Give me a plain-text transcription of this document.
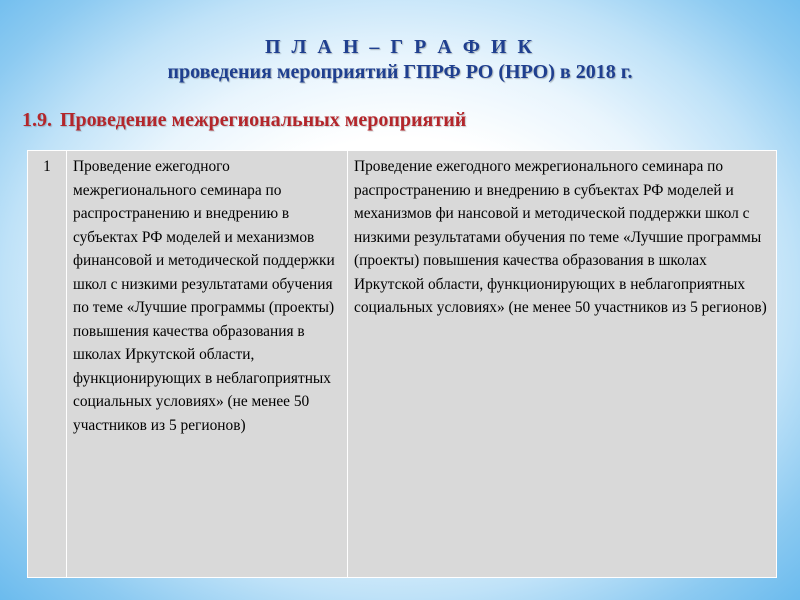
П Л А Н – Г Р А Ф И К
проведения мероприятий ГПРФ РО (НРО) в 2018 г.
1.9. Проведение межрегиональных мероприятий
1	Проведение ежегодного межрегионального семинара по распространению и внедрению в субъектах РФ моделей и механизмов финансовой и методической поддержки школ с низкими результатами обучения по теме «Лучшие программы (проекты) повышения качества образования в школах Иркутской области, функционирующих в неблагоприятных социальных условиях» (не менее 50 участников из 5 регионов)	Проведение ежегодного межрегионального семинара по распространению и внедрению в субъектах РФ моделей и механизмов фи нансовой и методической поддержки школ с низкими результатами обучения по теме «Лучшие программы (проекты) повышения качества образования в школах Иркутской области, функционирующих в неблагоприятных социальных условиях» (не менее 50 участников из 5 регионов)
